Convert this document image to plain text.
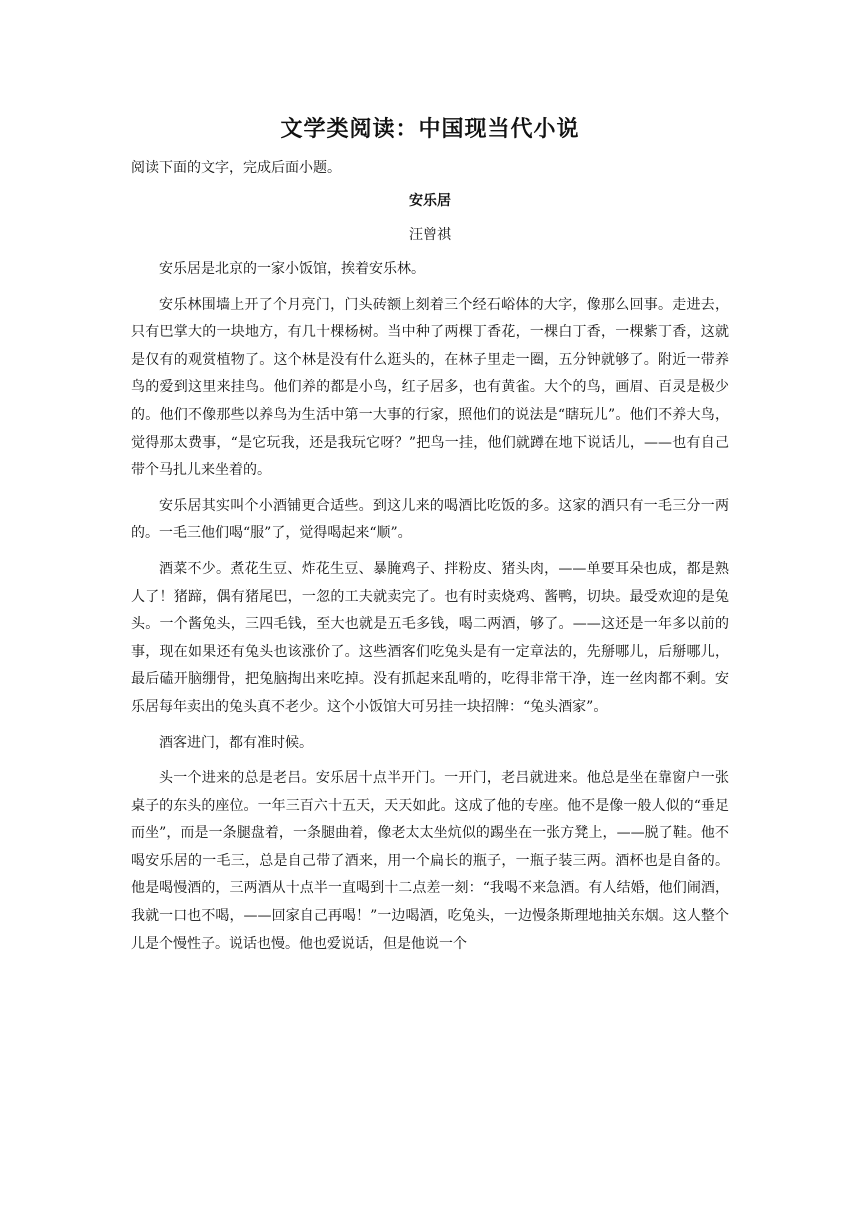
文学类阅读：中国现当代小说
阅读下面的文字，完成后面小题。
安乐居
汪曾祺

安乐居是北京的一家小饭馆，挨着安乐林。

安乐林围墙上开了个月亮门，门头砖额上刻着三个经石峪体的大字，像那么回事。走进去，只有巴掌大的一块地方，有几十棵杨树。当中种了两棵丁香花，一棵白丁香，一棵紫丁香，这就是仅有的观赏植物了。这个林是没有什么逛头的，在林子里走一圈，五分钟就够了。附近一带养鸟的爱到这里来挂鸟。他们养的都是小鸟，红子居多，也有黄雀。大个的鸟，画眉、百灵是极少的。他们不像那些以养鸟为生活中第一大事的行家，照他们的说法是“瞎玩儿”。他们不养大鸟，觉得那太费事，“是它玩我，还是我玩它呀？”把鸟一挂，他们就蹲在地下说话儿，——也有自己带个马扎儿来坐着的。

安乐居其实叫个小酒铺更合适些。到这儿来的喝酒比吃饭的多。这家的酒只有一毛三分一两的。一毛三他们喝“服”了，觉得喝起来“顺”。

酒菜不少。煮花生豆、炸花生豆、暴腌鸡子、拌粉皮、猪头肉，——单要耳朵也成，都是熟人了！猪蹄，偶有猪尾巴，一忽的工夫就卖完了。也有时卖烧鸡、酱鸭，切块。最受欢迎的是兔头。一个酱兔头，三四毛钱，至大也就是五毛多钱，喝二两酒，够了。——这还是一年多以前的事，现在如果还有兔头也该涨价了。这些酒客们吃兔头是有一定章法的，先掰哪儿，后掰哪儿，最后磕开脑绷骨，把兔脑掏出来吃掉。没有抓起来乱啃的，吃得非常干净，连一丝肉都不剩。安乐居每年卖出的兔头真不老少。这个小饭馆大可另挂一块招牌：“兔头酒家”。

酒客进门，都有准时候。

头一个进来的总是老吕。安乐居十点半开门。一开门，老吕就进来。他总是坐在靠窗户一张桌子的东头的座位。一年三百六十五天，天天如此。这成了他的专座。他不是像一般人似的“垂足而坐”，而是一条腿盘着，一条腿曲着，像老太太坐炕似的踢坐在一张方凳上，——脱了鞋。他不喝安乐居的一毛三，总是自己带了酒来，用一个扁长的瓶子，一瓶子装三两。酒杯也是自备的。他是喝慢酒的，三两酒从十点半一直喝到十二点差一刻：“我喝不来急酒。有人结婚，他们闹酒，我就一口也不喝，——回家自己再喝！”一边喝酒，吃兔头，一边慢条斯理地抽关东烟。这人整个儿是个慢性子。说话也慢。他也爱说话，但是他说一个
